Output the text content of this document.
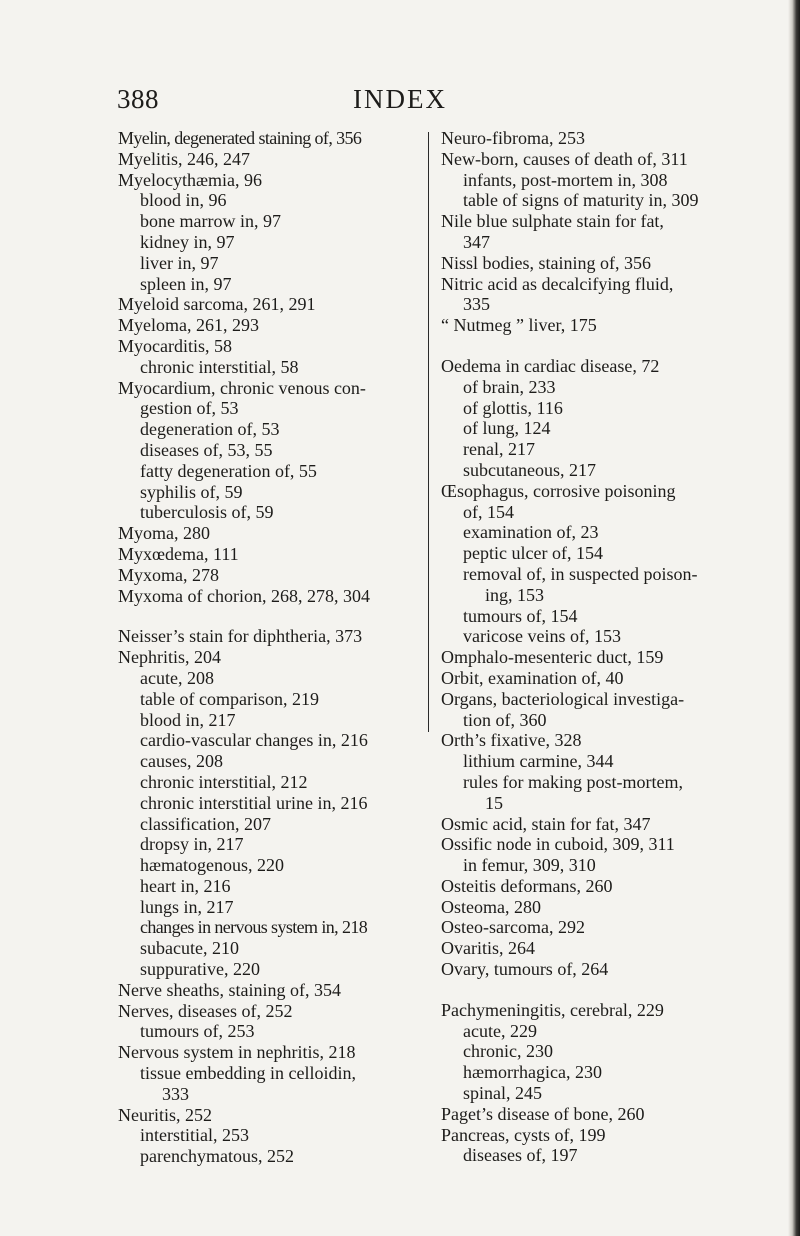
388	INDEX
Myelin, degenerated staining of, 356
Myelitis, 246, 247
Myelocythæmia, 96
blood in, 96
bone marrow in, 97
kidney in, 97
liver in, 97
spleen in, 97
Myeloid sarcoma, 261, 291
Myeloma, 261, 293
Myocarditis, 58
chronic interstitial, 58
Myocardium, chronic venous con-
gestion of, 53
degeneration of, 53
diseases of, 53, 55
fatty degeneration of, 55
syphilis of, 59
tuberculosis of, 59
Myoma, 280
Myxœdema, 111
Myxoma, 278
Myxoma of chorion, 268, 278, 304
Neisser’s stain for diphtheria, 373
Nephritis, 204
acute, 208
table of comparison, 219
blood in, 217
cardio-vascular changes in, 216
causes, 208
chronic interstitial, 212
chronic interstitial urine in, 216
classification, 207
dropsy in, 217
hæmatogenous, 220
heart in, 216
lungs in, 217
changes in nervous system in, 218
subacute, 210
suppurative, 220
Nerve sheaths, staining of, 354
Nerves, diseases of, 252
tumours of, 253
Nervous system in nephritis, 218
tissue embedding in celloidin,
333
Neuritis, 252
interstitial, 253
parenchymatous, 252
Neuro-fibroma, 253
New-born, causes of death of, 311
infants, post-mortem in, 308
table of signs of maturity in, 309
Nile blue sulphate stain for fat,
347
Nissl bodies, staining of, 356
Nitric acid as decalcifying fluid,
335
“ Nutmeg ” liver, 175
Oedema in cardiac disease, 72
of brain, 233
of glottis, 116
of lung, 124
renal, 217
subcutaneous, 217
Œsophagus, corrosive poisoning
of, 154
examination of, 23
peptic ulcer of, 154
removal of, in suspected poison-
ing, 153
tumours of, 154
varicose veins of, 153
Omphalo-mesenteric duct, 159
Orbit, examination of, 40
Organs, bacteriological investiga-
tion of, 360
Orth’s fixative, 328
lithium carmine, 344
rules for making post-mortem,
15
Osmic acid, stain for fat, 347
Ossific node in cuboid, 309, 311
in femur, 309, 310
Osteitis deformans, 260
Osteoma, 280
Osteo-sarcoma, 292
Ovaritis, 264
Ovary, tumours of, 264
Pachymeningitis, cerebral, 229
acute, 229
chronic, 230
hæmorrhagica, 230
spinal, 245
Paget’s disease of bone, 260
Pancreas, cysts of, 199
diseases of, 197
